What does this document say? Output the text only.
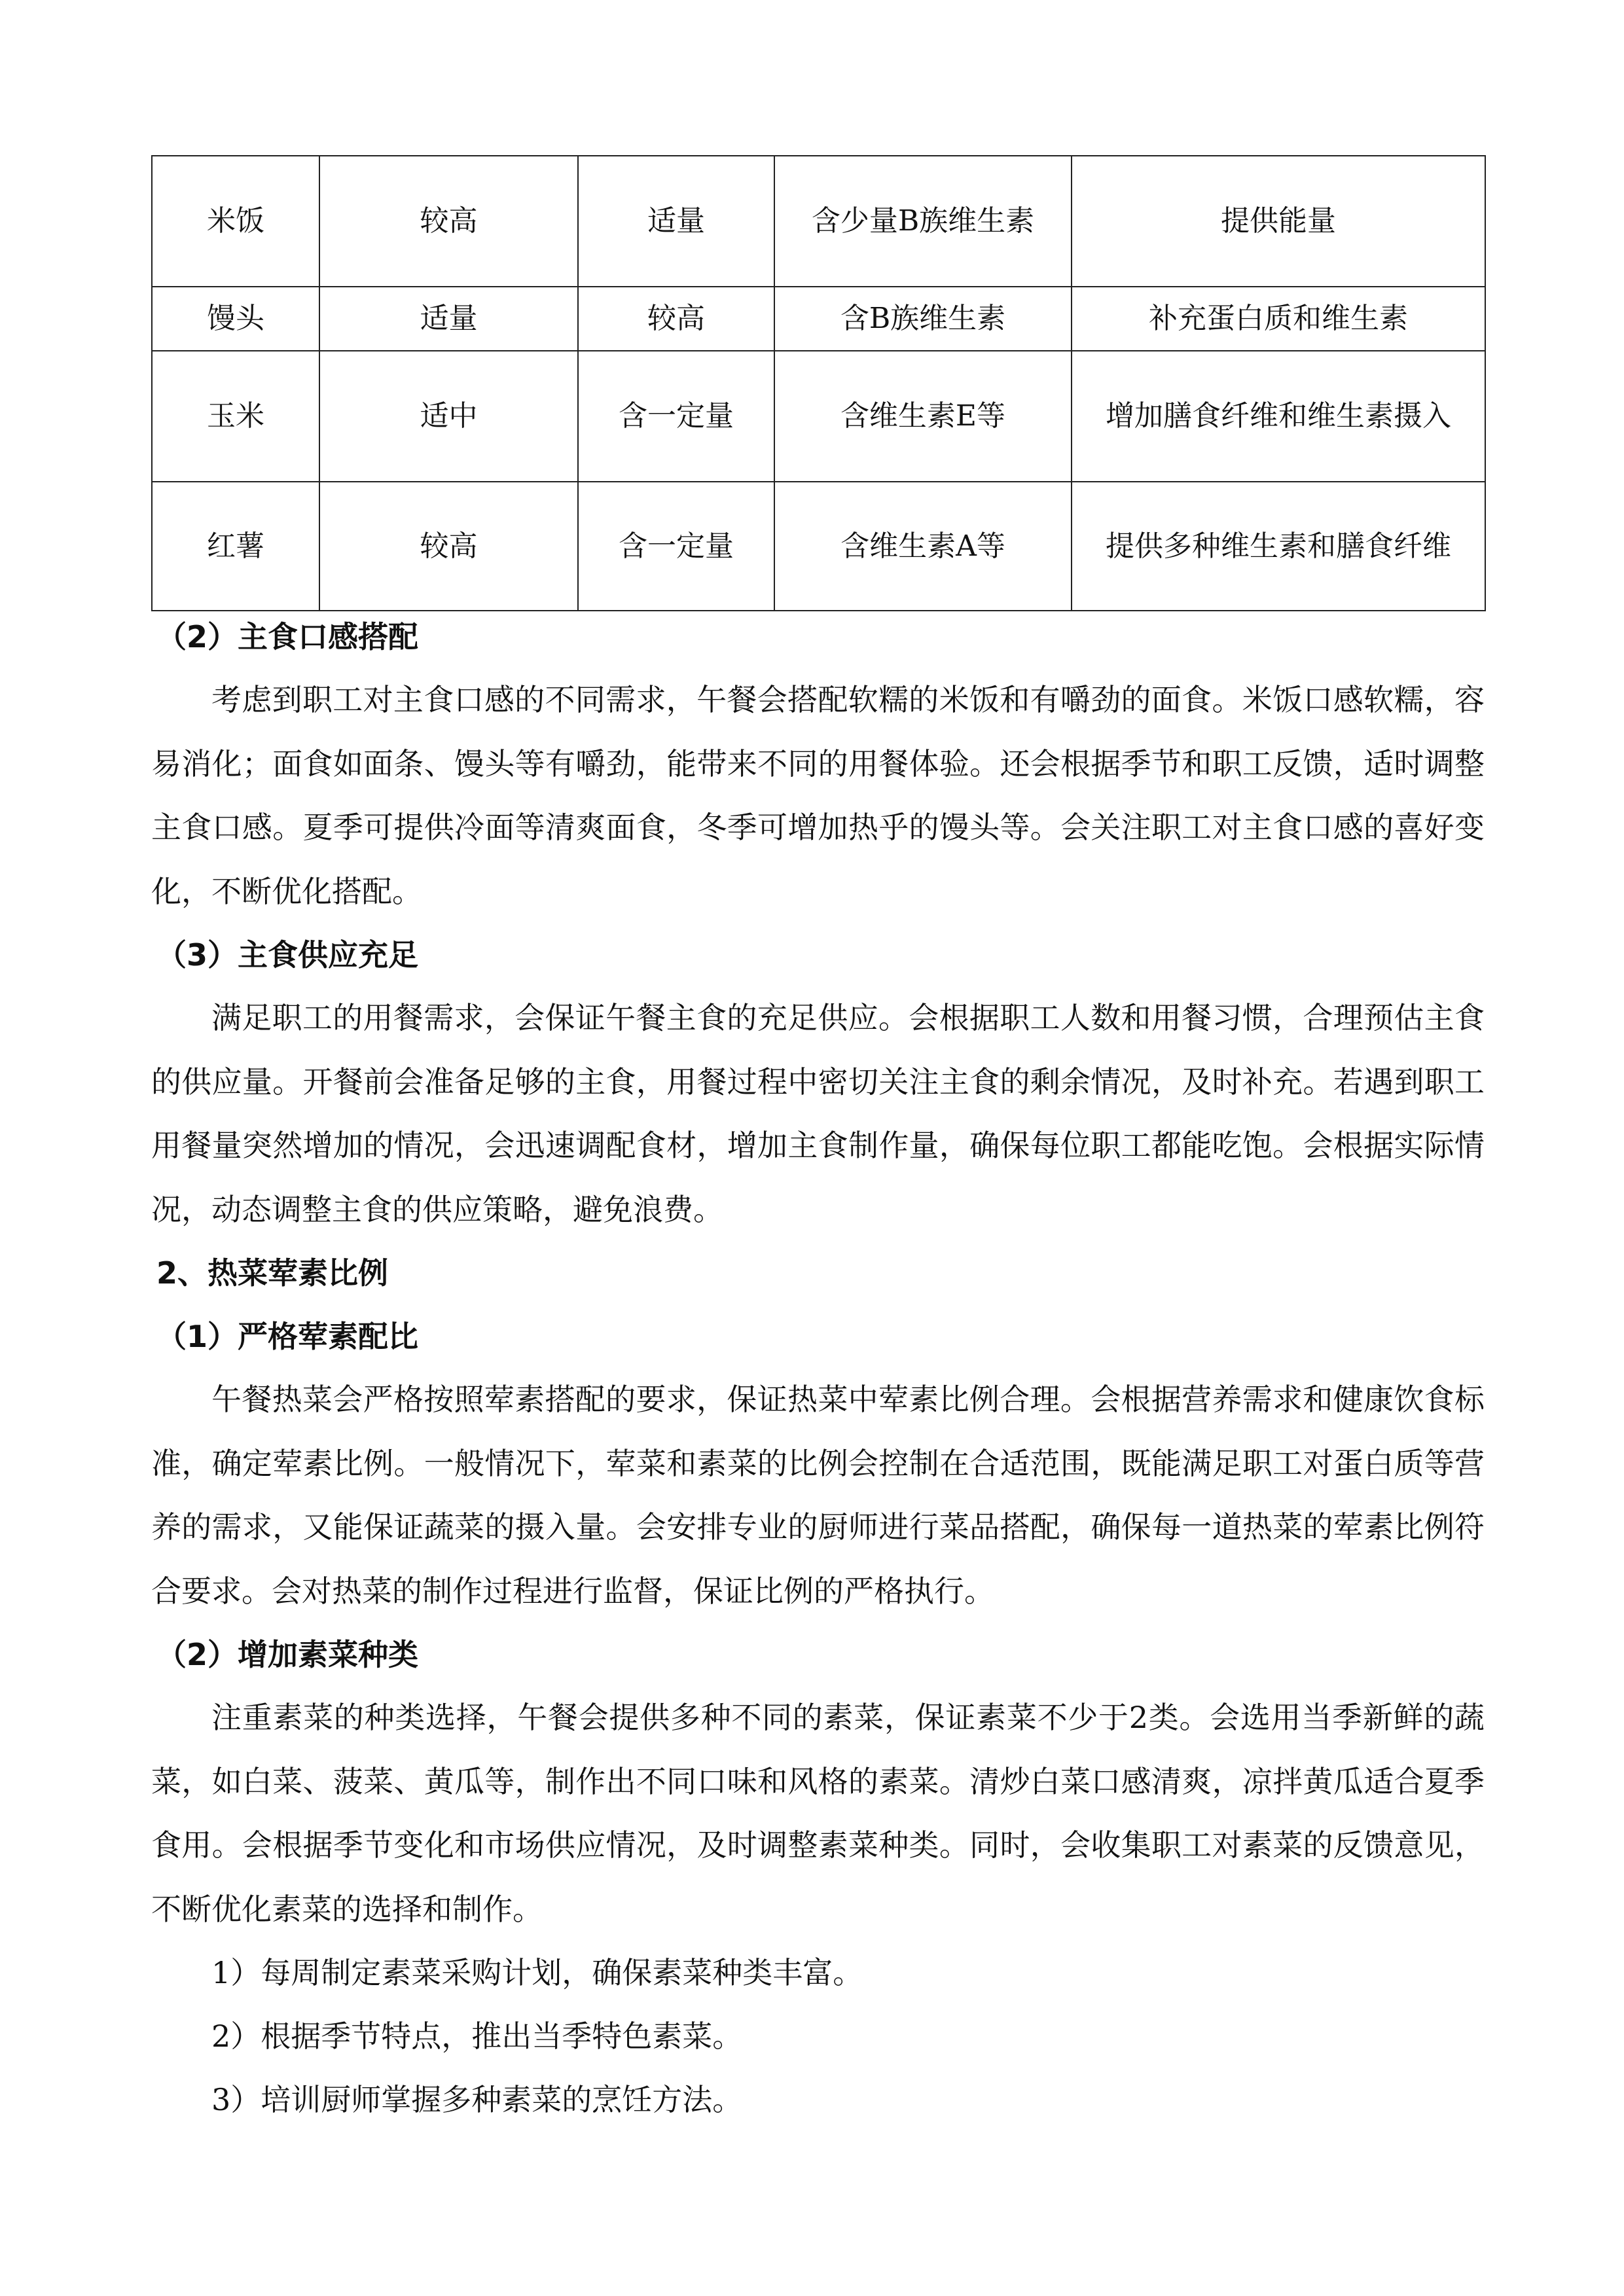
米饭	较高	适量	含少量B族维生素	提供能量
馒头	适量	较高	含B族维生素	补充蛋白质和维生素
玉米	适中	含一定量	含维生素E等	增加膳食纤维和维生素摄入
红薯	较高	含一定量	含维生素A等	提供多种维生素和膳食纤维
（2）主食口感搭配

考虑到职工对主食口感的不同需求，午餐会搭配软糯的米饭和有嚼劲的面食。米饭口感软糯，容易消化；面食如面条、馒头等有嚼劲，能带来不同的用餐体验。还会根据季节和职工反馈，适时调整主食口感。夏季可提供冷面等清爽面食，冬季可增加热乎的馒头等。会关注职工对主食口感的喜好变化，不断优化搭配。

（3）主食供应充足

满足职工的用餐需求，会保证午餐主食的充足供应。会根据职工人数和用餐习惯，合理预估主食的供应量。开餐前会准备足够的主食，用餐过程中密切关注主食的剩余情况，及时补充。若遇到职工用餐量突然增加的情况，会迅速调配食材，增加主食制作量，确保每位职工都能吃饱。会根据实际情况，动态调整主食的供应策略，避免浪费。

2、热菜荤素比例
（1）严格荤素配比

午餐热菜会严格按照荤素搭配的要求，保证热菜中荤素比例合理。会根据营养需求和健康饮食标准，确定荤素比例。一般情况下，荤菜和素菜的比例会控制在合适范围，既能满足职工对蛋白质等营养的需求，又能保证蔬菜的摄入量。会安排专业的厨师进行菜品搭配，确保每一道热菜的荤素比例符合要求。会对热菜的制作过程进行监督，保证比例的严格执行。

（2）增加素菜种类

注重素菜的种类选择，午餐会提供多种不同的素菜，保证素菜不少于2类。会选用当季新鲜的蔬菜，如白菜、菠菜、黄瓜等，制作出不同口味和风格的素菜。清炒白菜口感清爽，凉拌黄瓜适合夏季食用。会根据季节变化和市场供应情况，及时调整素菜种类。同时，会收集职工对素菜的反馈意见，不断优化素菜的选择和制作。

1）每周制定素菜采购计划，确保素菜种类丰富。

2）根据季节特点，推出当季特色素菜。

3）培训厨师掌握多种素菜的烹饪方法。
